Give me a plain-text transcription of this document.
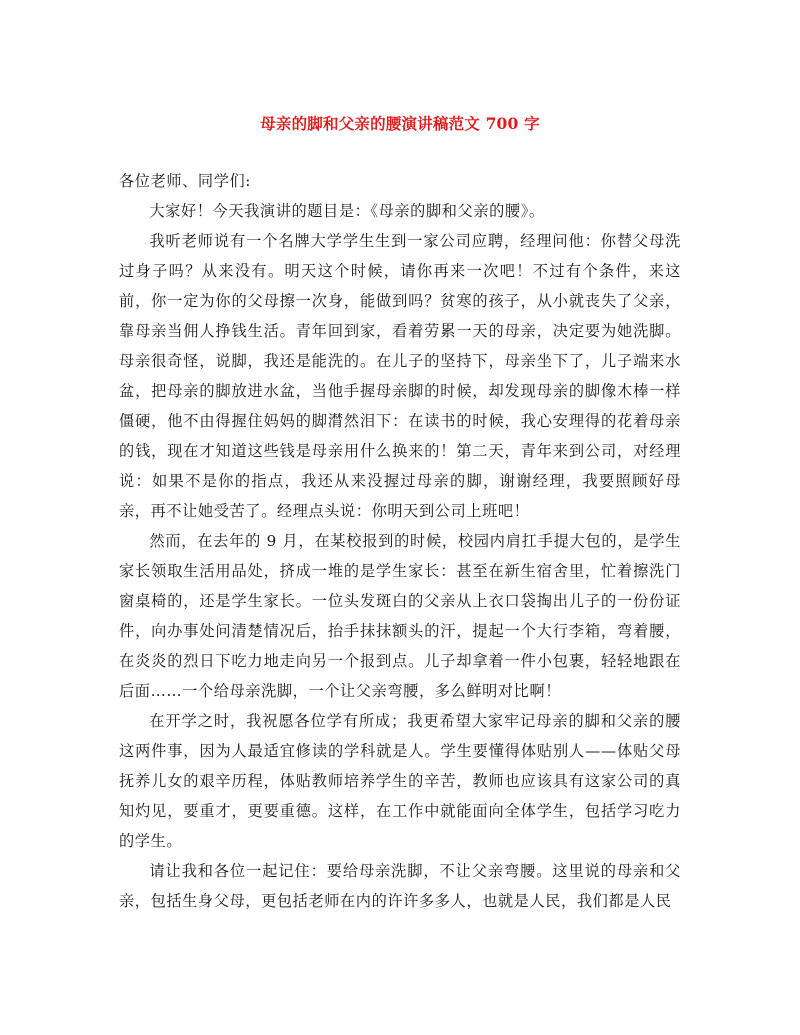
母亲的脚和父亲的腰演讲稿范文 700 字

各位老师、同学们:

大家好！今天我演讲的题目是：《母亲的脚和父亲的腰》。

我听老师说有一个名牌大学学生生到一家公司应聘，经理问他：你替父母洗过身子吗？从来没有。明天这个时候，请你再来一次吧！不过有个条件，来这前，你一定为你的父母擦一次身，能做到吗？贫寒的孩子，从小就丧失了父亲，靠母亲当佣人挣钱生活。青年回到家，看着劳累一天的母亲，决定要为她洗脚。母亲很奇怪，说脚，我还是能洗的。在儿子的坚持下，母亲坐下了，儿子端来水盆，把母亲的脚放进水盆，当他手握母亲脚的时候，却发现母亲的脚像木棒一样僵硬，他不由得握住妈妈的脚潸然泪下：在读书的时候，我心安理得的花着母亲的钱，现在才知道这些钱是母亲用什么换来的！第二天，青年来到公司，对经理说：如果不是你的指点，我还从来没握过母亲的脚，谢谢经理，我要照顾好母亲，再不让她受苦了。经理点头说：你明天到公司上班吧！

然而，在去年的 9 月，在某校报到的时候，校园内肩扛手提大包的，是学生家长领取生活用品处，挤成一堆的是学生家长：甚至在新生宿舍里，忙着擦洗门窗桌椅的，还是学生家长。一位头发斑白的父亲从上衣口袋掏出儿子的一份份证件，向办事处问清楚情况后，抬手抹抹额头的汗，提起一个大行李箱，弯着腰，在炎炎的烈日下吃力地走向另一个报到点。儿子却拿着一件小包裹，轻轻地跟在后面……一个给母亲洗脚，一个让父亲弯腰，多么鲜明对比啊！

在开学之时，我祝愿各位学有所成；我更希望大家牢记母亲的脚和父亲的腰这两件事，因为人最适宜修读的学科就是人。学生要懂得体贴别人——体贴父母抚养儿女的艰辛历程，体贴教师培养学生的辛苦，教师也应该具有这家公司的真知灼见，要重才，更要重德。这样，在工作中就能面向全体学生，包括学习吃力的学生。

请让我和各位一起记住：要给母亲洗脚，不让父亲弯腰。这里说的母亲和父亲，包括生身父母，更包括老师在内的许许多多人，也就是人民，我们都是人民
